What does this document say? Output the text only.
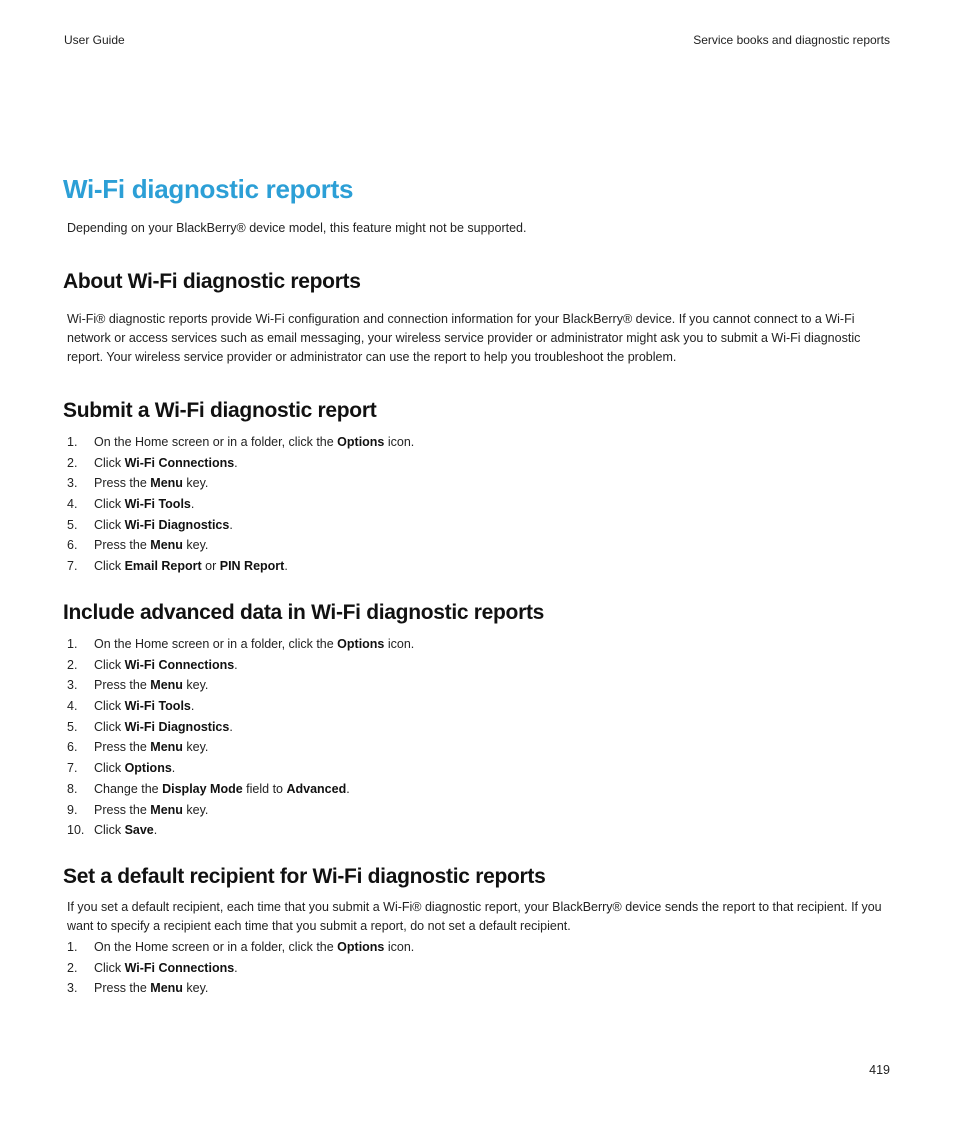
User Guide	Service books and diagnostic reports
Wi-Fi diagnostic reports

Depending on your BlackBerry® device model, this feature might not be supported.

About Wi-Fi diagnostic reports

Wi-Fi® diagnostic reports provide Wi-Fi configuration and connection information for your BlackBerry® device. If you cannot connect to a Wi-Fi network or access services such as email messaging, your wireless service provider or administrator might ask you to submit a Wi-Fi diagnostic report. Your wireless service provider or administrator can use the report to help you troubleshoot the problem.

Submit a Wi-Fi diagnostic report
1. On the Home screen or in a folder, click the Options icon.
2. Click Wi-Fi Connections.
3. Press the Menu key.
4. Click Wi-Fi Tools.
5. Click Wi-Fi Diagnostics.
6. Press the Menu key.
7. Click Email Report or PIN Report.
Include advanced data in Wi-Fi diagnostic reports
1. On the Home screen or in a folder, click the Options icon.
2. Click Wi-Fi Connections.
3. Press the Menu key.
4. Click Wi-Fi Tools.
5. Click Wi-Fi Diagnostics.
6. Press the Menu key.
7. Click Options.
8. Change the Display Mode field to Advanced.
9. Press the Menu key.
10. Click Save.
Set a default recipient for Wi-Fi diagnostic reports

If you set a default recipient, each time that you submit a Wi-Fi® diagnostic report, your BlackBerry® device sends the report to that recipient. If you want to specify a recipient each time that you submit a report, do not set a default recipient.

1. On the Home screen or in a folder, click the Options icon.
2. Click Wi-Fi Connections.
3. Press the Menu key.
419
